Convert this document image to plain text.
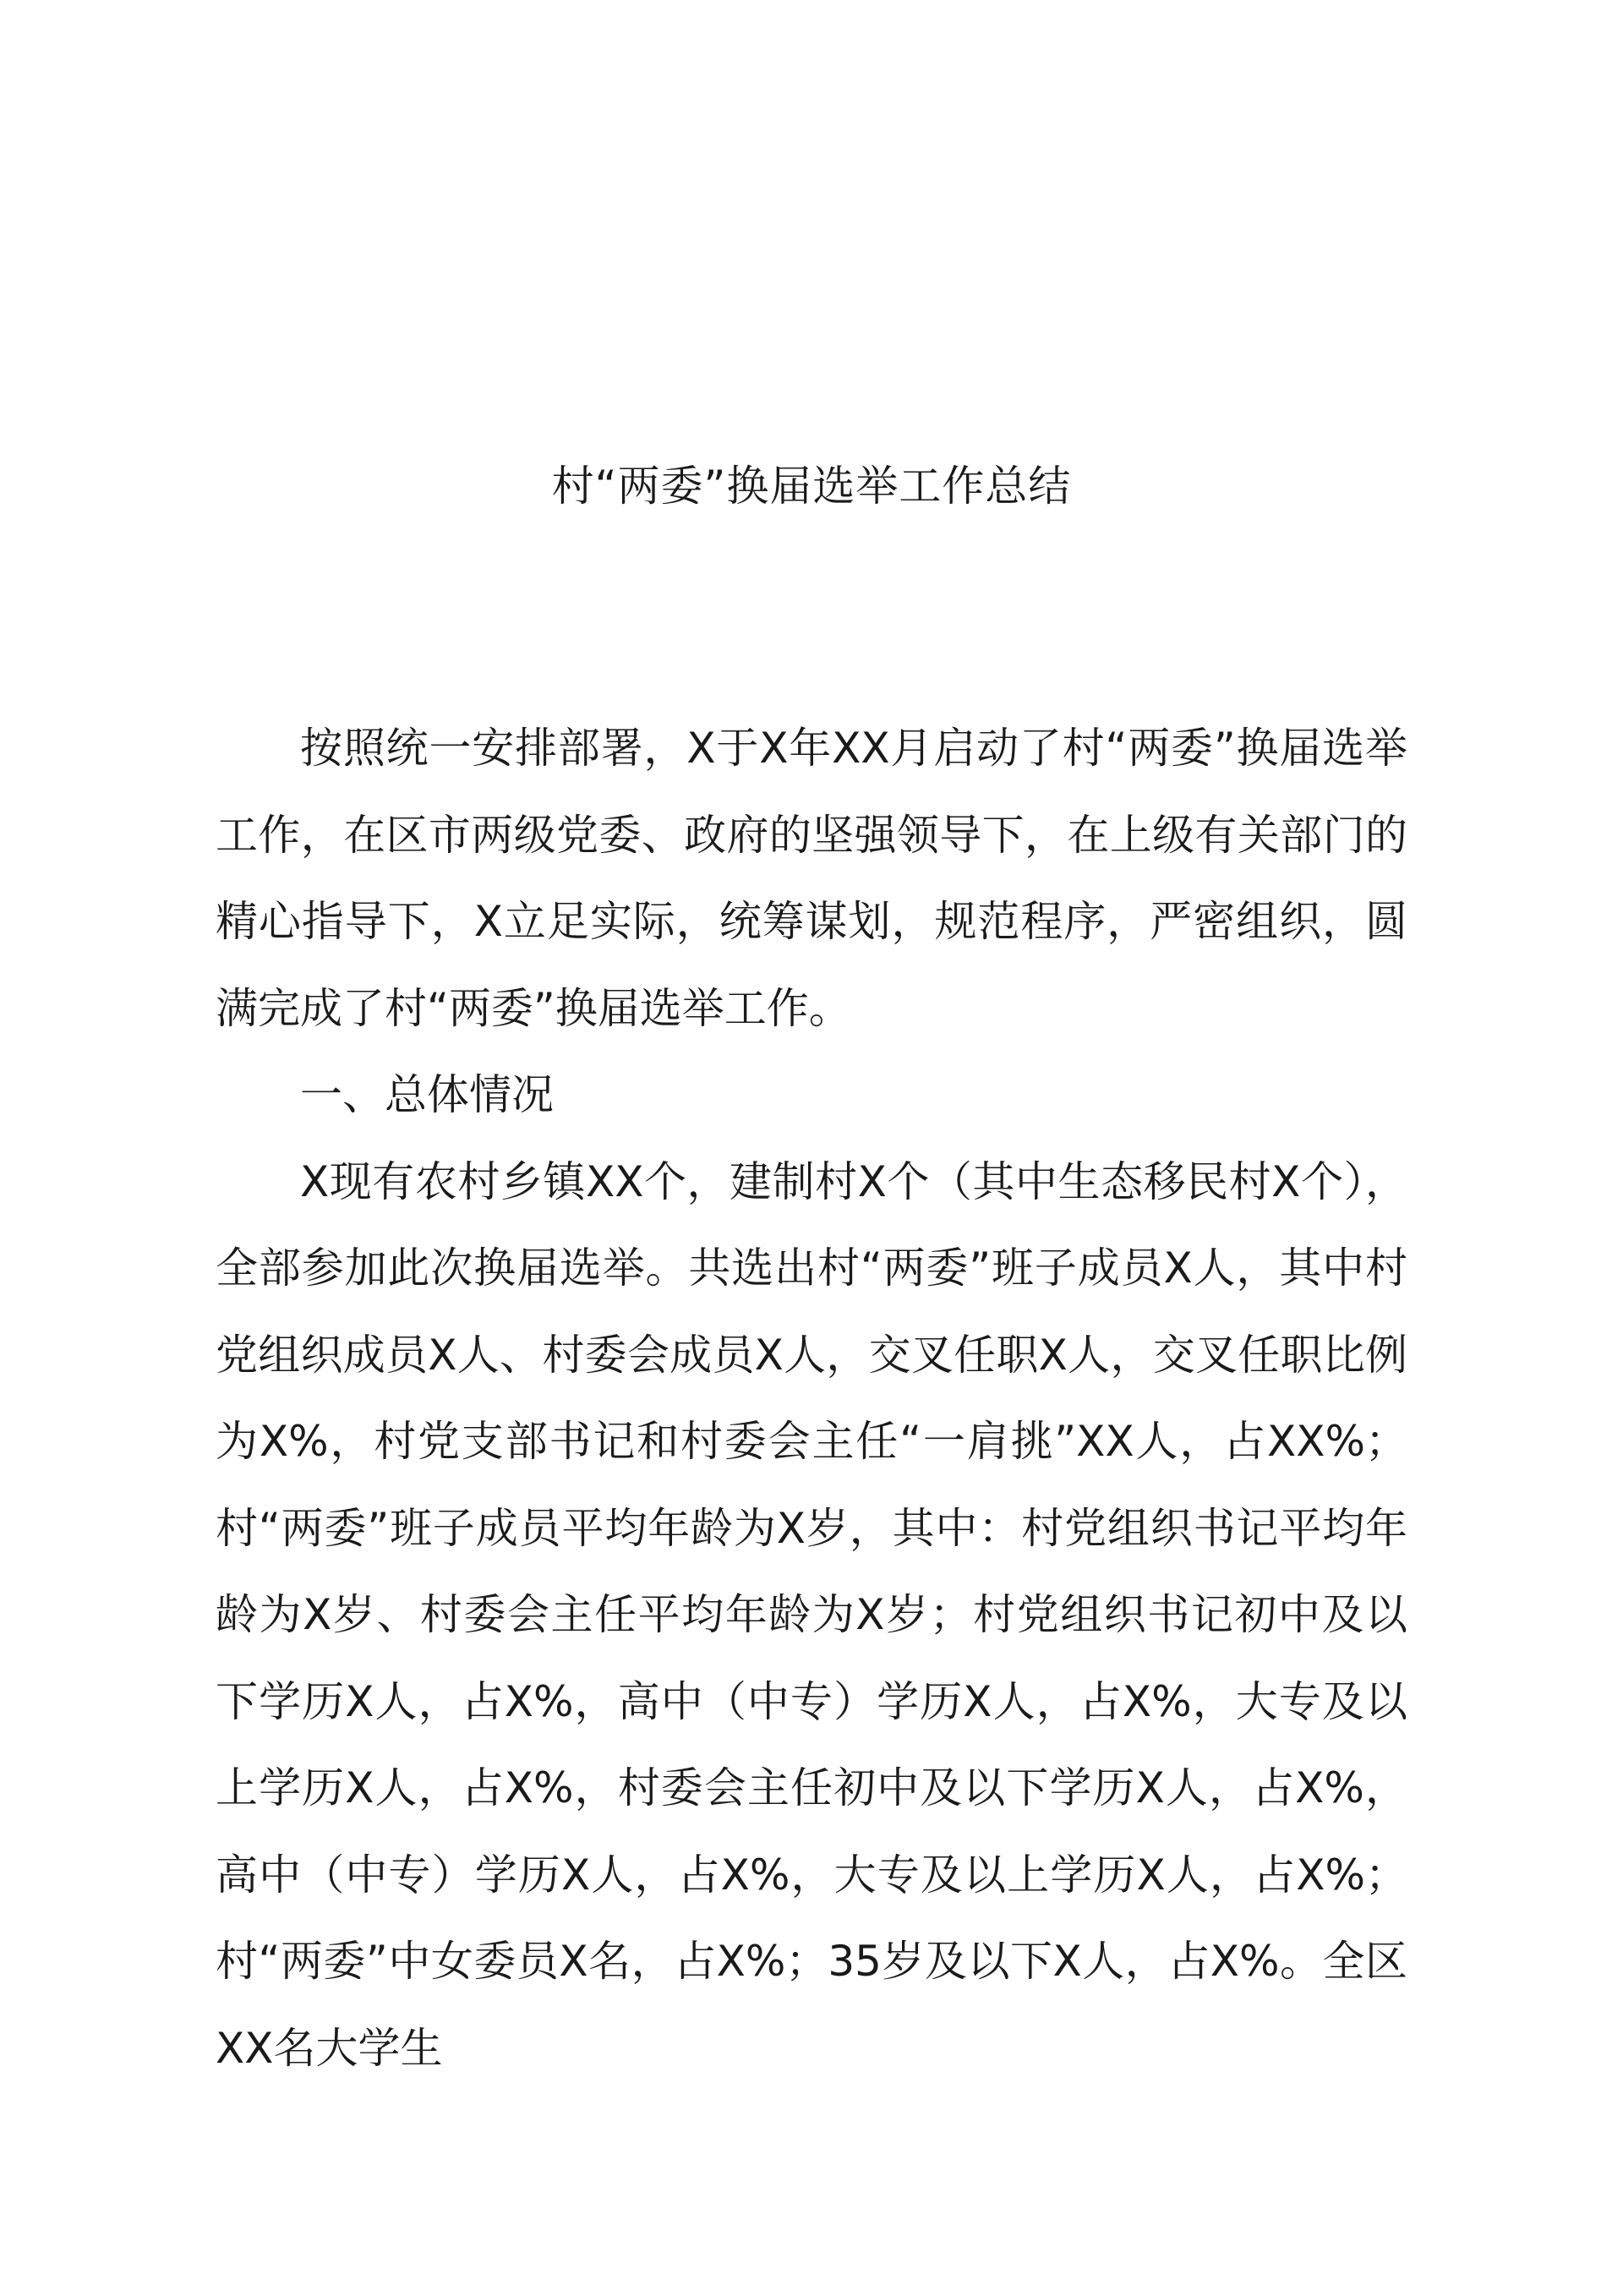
村“两委”换届选举工作总结

按照统一安排部署，X于X年XX月启动了村“两委”换届选举工作，在区市两级党委、政府的坚强领导下，在上级有关部门的精心指导下，X立足实际，统筹谋划，规范程序，严密组织，圆满完成了村“两委”换届选举工作。

一、总体情况

X现有农村乡镇XX个，建制村X个（其中生态移民村X个），全部参加此次换届选举。共选出村“两委”班子成员X人，其中村党组织成员X人、村委会成员X人，交叉任职X人，交叉任职比例为X%，村党支部书记和村委会主任“一肩挑”XX人，占XX%；村“两委”班子成员平均年龄为X岁，其中：村党组织书记平均年龄为X岁、村委会主任平均年龄为X岁；村党组织书记初中及以下学历X人，占X%，高中（中专）学历X人，占X%，大专及以上学历X人，占X%，村委会主任初中及以下学历X人，占X%，高中（中专）学历X人，占X%，大专及以上学历X人，占X%；村“两委”中女委员X名，占X%；35岁及以下X人，占X%。全区XX名大学生
